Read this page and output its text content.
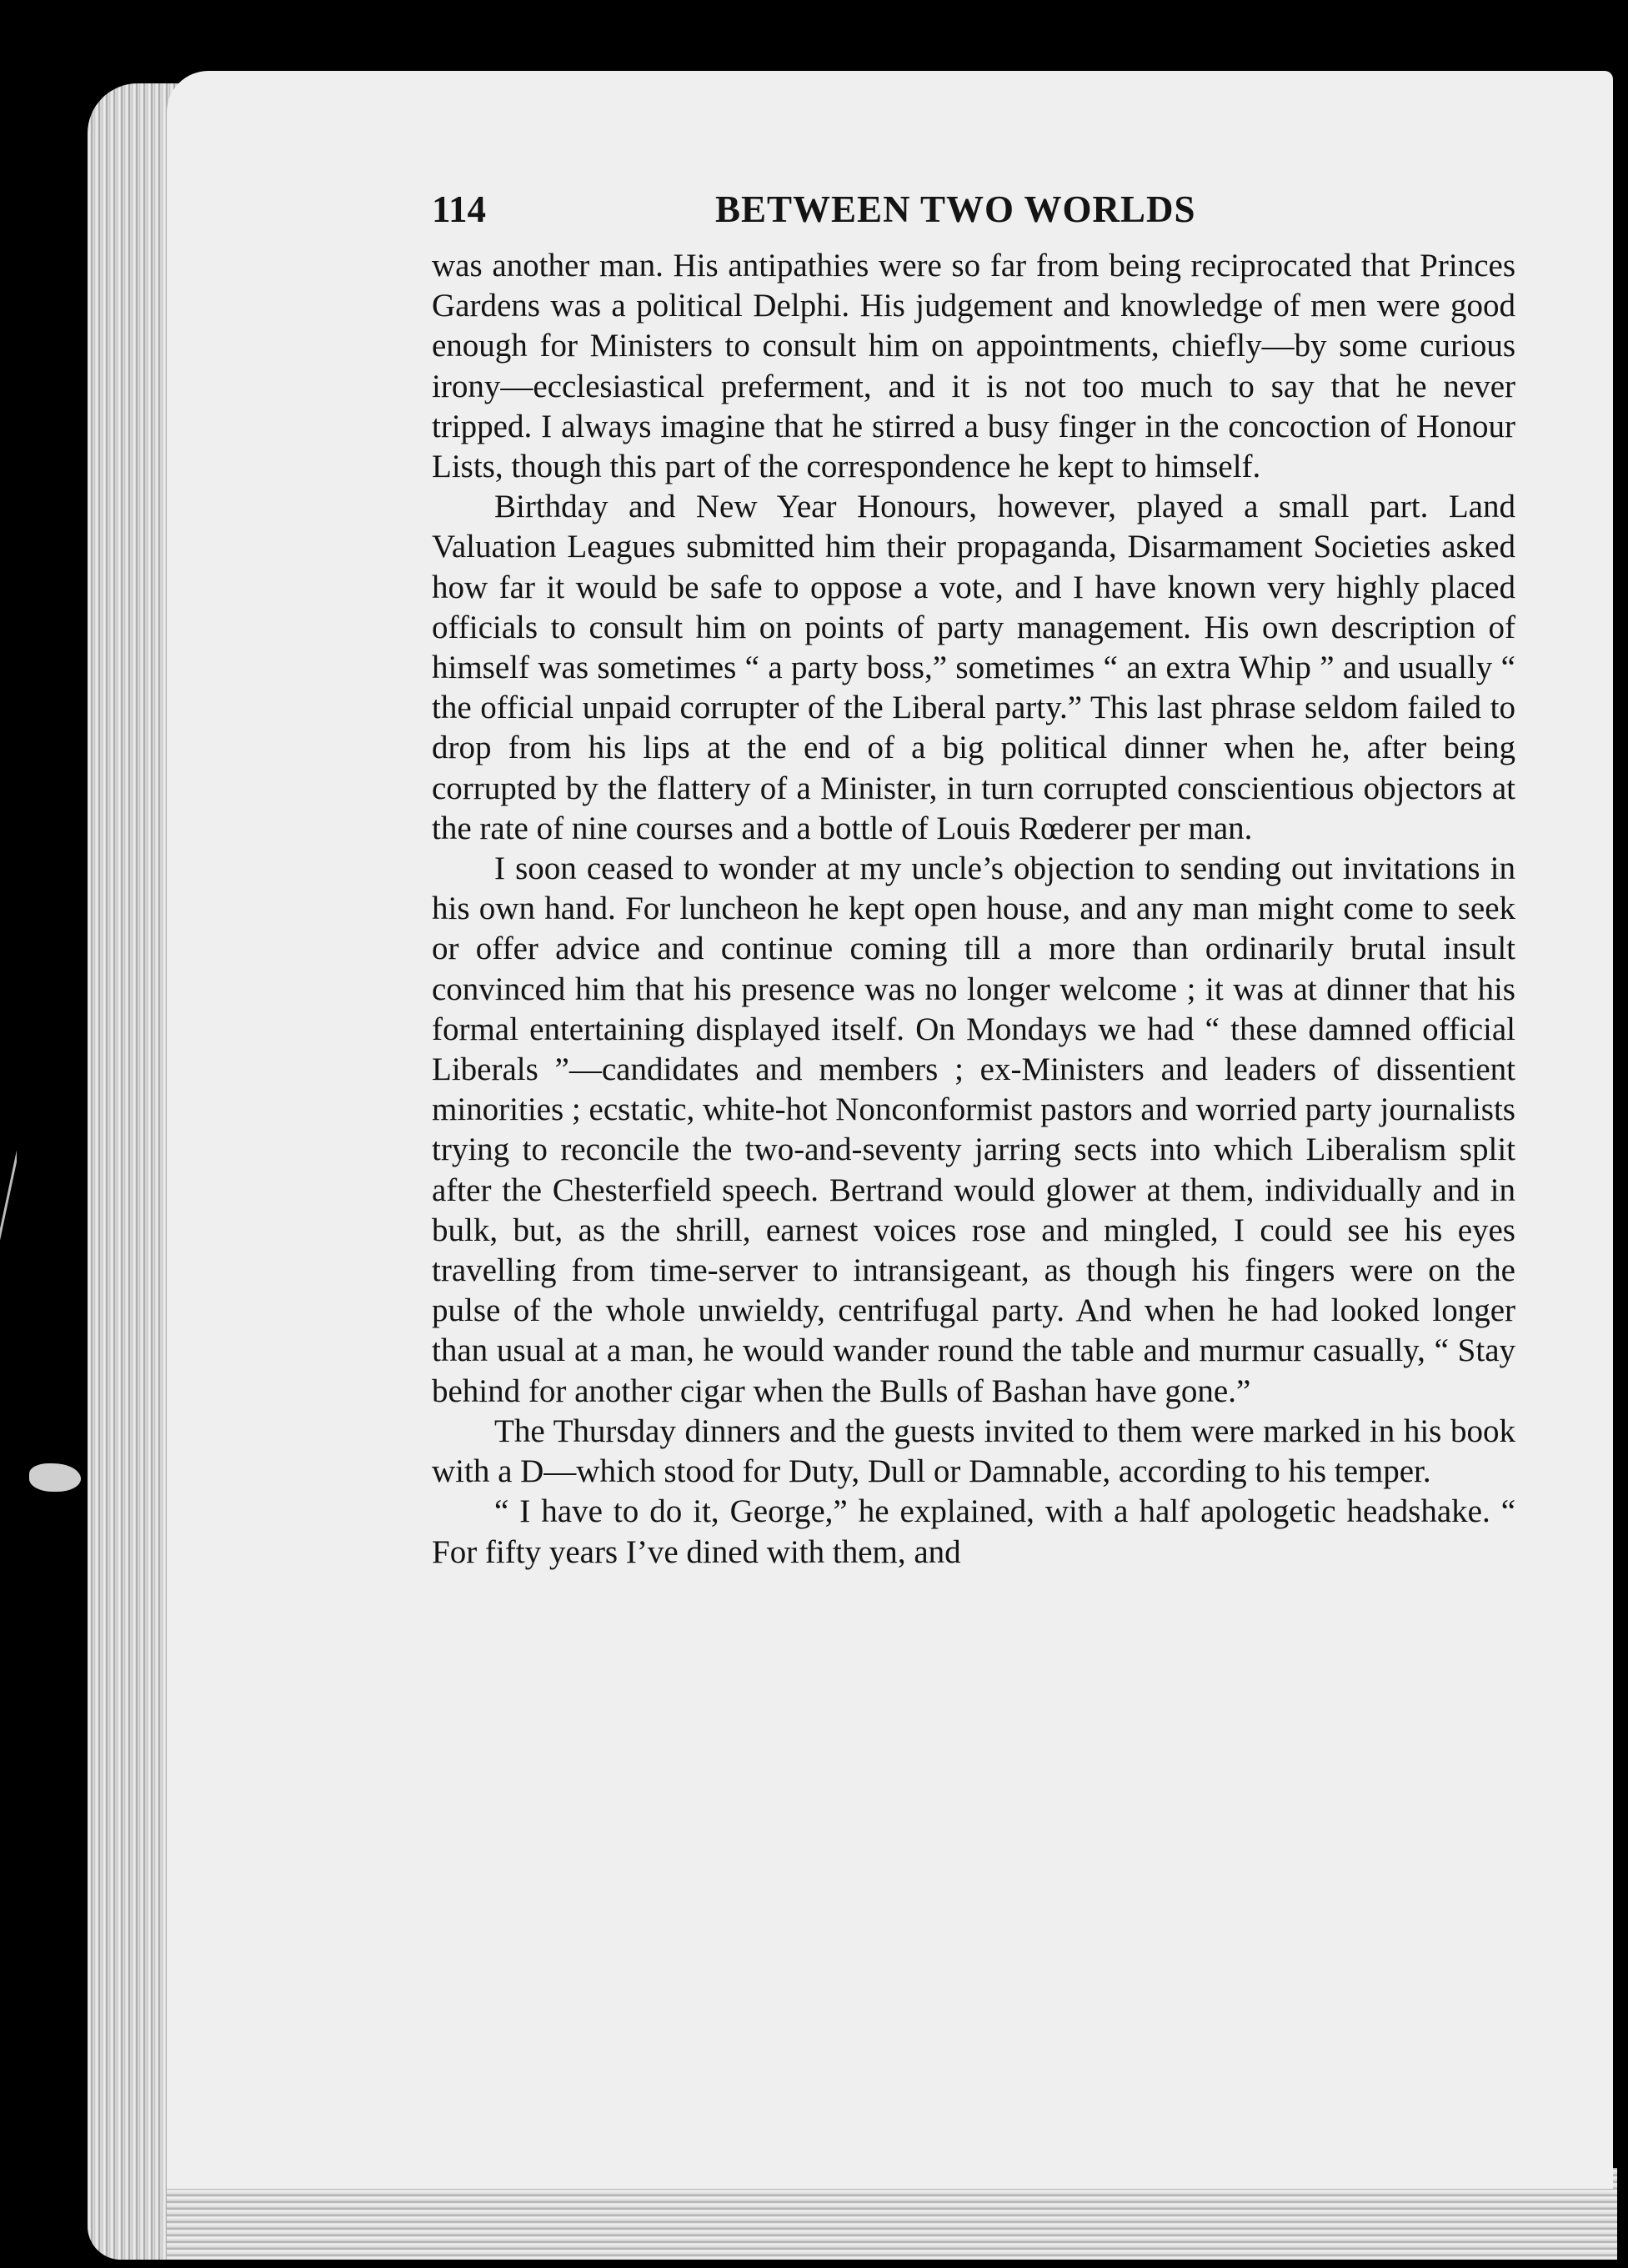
114	BETWEEN TWO WORLDS

was another man. His antipathies were so far from being reciprocated that Princes Gardens was a political Delphi. His judgement and knowledge of men were good enough for Ministers to consult him on appointments, chiefly—by some curious irony—ecclesiastical preferment, and it is not too much to say that he never tripped. I always imagine that he stirred a busy finger in the concoction of Honour Lists, though this part of the correspondence he kept to himself.

Birthday and New Year Honours, however, played a small part. Land Valuation Leagues submitted him their propaganda, Disarmament Societies asked how far it would be safe to oppose a vote, and I have known very highly placed officials to consult him on points of party management. His own description of himself was sometimes “ a party boss,” sometimes “ an extra Whip ” and usually “ the official unpaid corrupter of the Liberal party.” This last phrase seldom failed to drop from his lips at the end of a big political dinner when he, after being corrupted by the flattery of a Minister, in turn corrupted conscientious objectors at the rate of nine courses and a bottle of Louis Rœderer per man.

I soon ceased to wonder at my uncle’s objection to sending out invitations in his own hand. For luncheon he kept open house, and any man might come to seek or offer advice and continue coming till a more than ordinarily brutal insult convinced him that his presence was no longer welcome ; it was at dinner that his formal entertaining displayed itself. On Mondays we had “ these damned official Liberals ”—candidates and members ; ex-Ministers and leaders of dissentient minorities ; ecstatic, white-hot Nonconformist pastors and worried party journalists trying to reconcile the two-and-seventy jarring sects into which Liberalism split after the Chesterfield speech. Bertrand would glower at them, individually and in bulk, but, as the shrill, earnest voices rose and mingled, I could see his eyes travelling from time-server to intransigeant, as though his fingers were on the pulse of the whole unwieldy, centrifugal party. And when he had looked longer than usual at a man, he would wander round the table and murmur casually, “ Stay behind for another cigar when the Bulls of Bashan have gone.”

The Thursday dinners and the guests invited to them were marked in his book with a D—which stood for Duty, Dull or Damnable, according to his temper.

“ I have to do it, George,” he explained, with a half apologetic headshake. “ For fifty years I’ve dined with them, and
